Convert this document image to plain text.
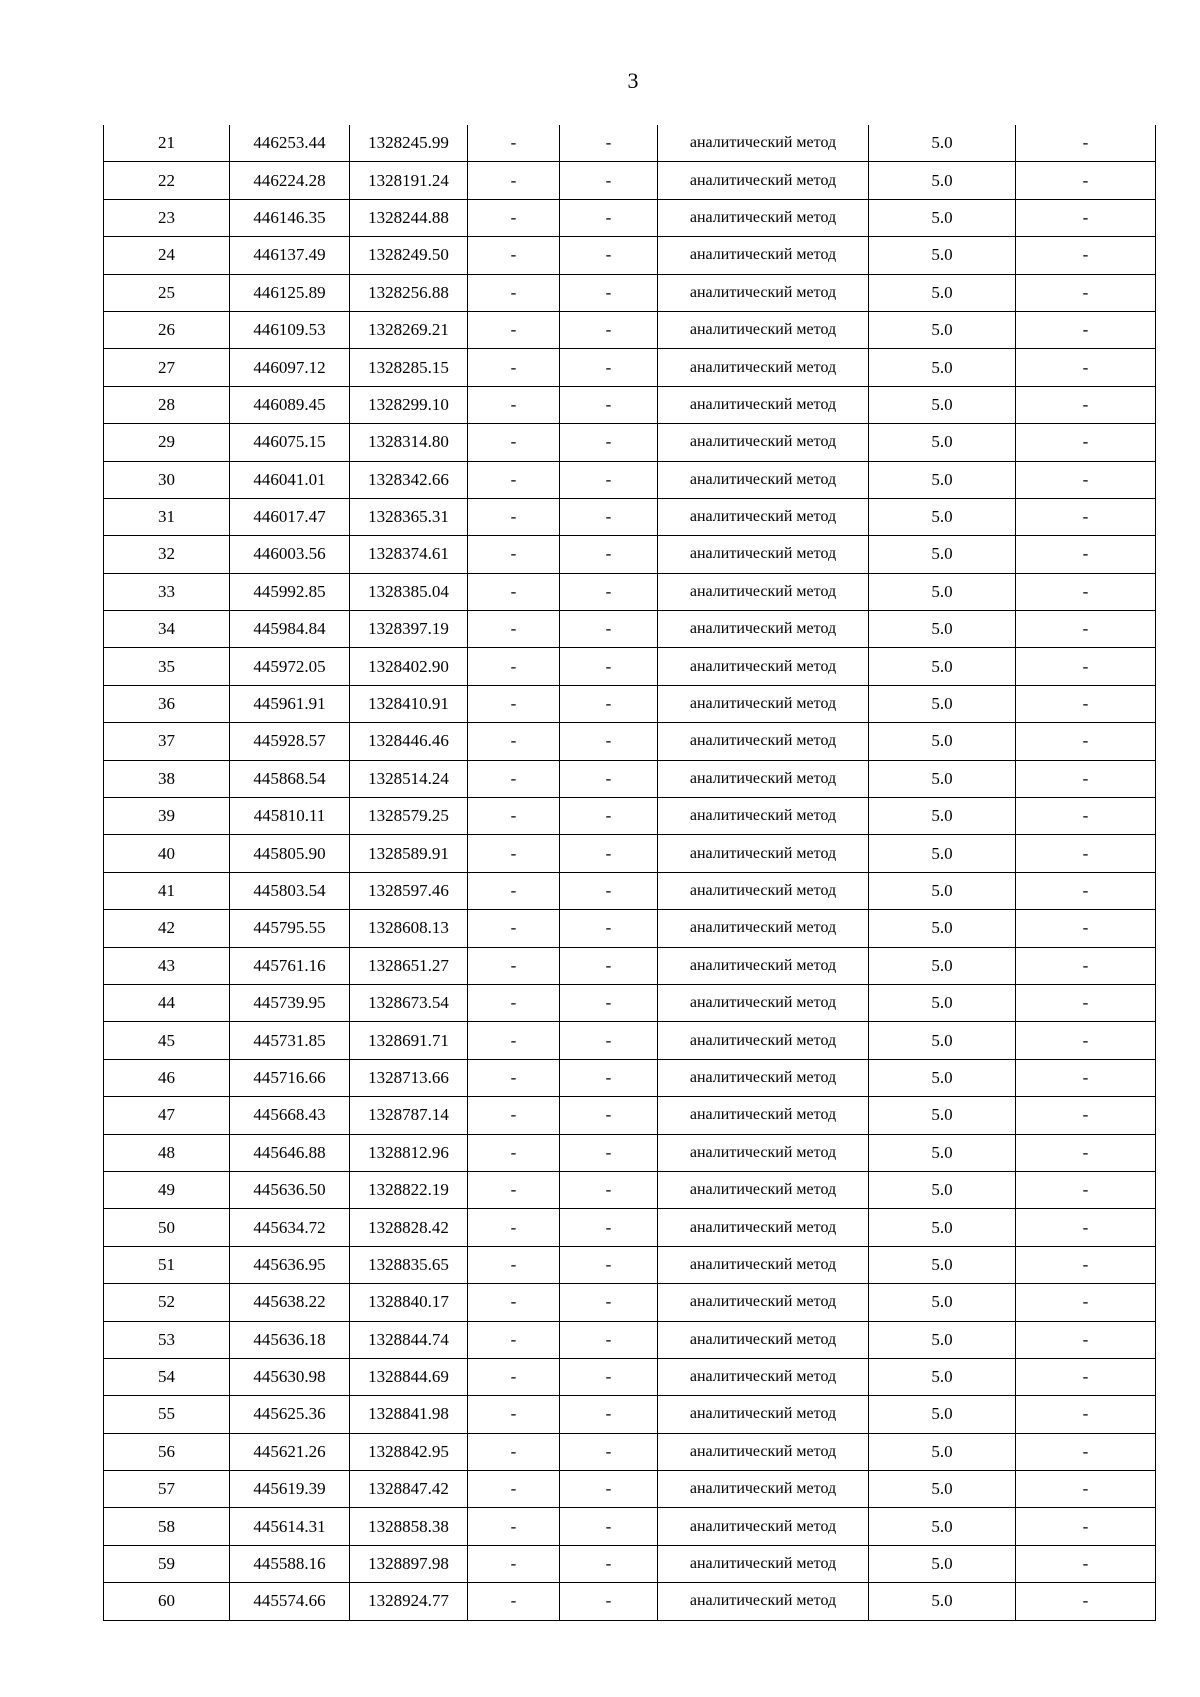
3
21	446253.44	1328245.99	-	-	аналитический метод	5.0	-
22	446224.28	1328191.24	-	-	аналитический метод	5.0	-
23	446146.35	1328244.88	-	-	аналитический метод	5.0	-
24	446137.49	1328249.50	-	-	аналитический метод	5.0	-
25	446125.89	1328256.88	-	-	аналитический метод	5.0	-
26	446109.53	1328269.21	-	-	аналитический метод	5.0	-
27	446097.12	1328285.15	-	-	аналитический метод	5.0	-
28	446089.45	1328299.10	-	-	аналитический метод	5.0	-
29	446075.15	1328314.80	-	-	аналитический метод	5.0	-
30	446041.01	1328342.66	-	-	аналитический метод	5.0	-
31	446017.47	1328365.31	-	-	аналитический метод	5.0	-
32	446003.56	1328374.61	-	-	аналитический метод	5.0	-
33	445992.85	1328385.04	-	-	аналитический метод	5.0	-
34	445984.84	1328397.19	-	-	аналитический метод	5.0	-
35	445972.05	1328402.90	-	-	аналитический метод	5.0	-
36	445961.91	1328410.91	-	-	аналитический метод	5.0	-
37	445928.57	1328446.46	-	-	аналитический метод	5.0	-
38	445868.54	1328514.24	-	-	аналитический метод	5.0	-
39	445810.11	1328579.25	-	-	аналитический метод	5.0	-
40	445805.90	1328589.91	-	-	аналитический метод	5.0	-
41	445803.54	1328597.46	-	-	аналитический метод	5.0	-
42	445795.55	1328608.13	-	-	аналитический метод	5.0	-
43	445761.16	1328651.27	-	-	аналитический метод	5.0	-
44	445739.95	1328673.54	-	-	аналитический метод	5.0	-
45	445731.85	1328691.71	-	-	аналитический метод	5.0	-
46	445716.66	1328713.66	-	-	аналитический метод	5.0	-
47	445668.43	1328787.14	-	-	аналитический метод	5.0	-
48	445646.88	1328812.96	-	-	аналитический метод	5.0	-
49	445636.50	1328822.19	-	-	аналитический метод	5.0	-
50	445634.72	1328828.42	-	-	аналитический метод	5.0	-
51	445636.95	1328835.65	-	-	аналитический метод	5.0	-
52	445638.22	1328840.17	-	-	аналитический метод	5.0	-
53	445636.18	1328844.74	-	-	аналитический метод	5.0	-
54	445630.98	1328844.69	-	-	аналитический метод	5.0	-
55	445625.36	1328841.98	-	-	аналитический метод	5.0	-
56	445621.26	1328842.95	-	-	аналитический метод	5.0	-
57	445619.39	1328847.42	-	-	аналитический метод	5.0	-
58	445614.31	1328858.38	-	-	аналитический метод	5.0	-
59	445588.16	1328897.98	-	-	аналитический метод	5.0	-
60	445574.66	1328924.77	-	-	аналитический метод	5.0	-
